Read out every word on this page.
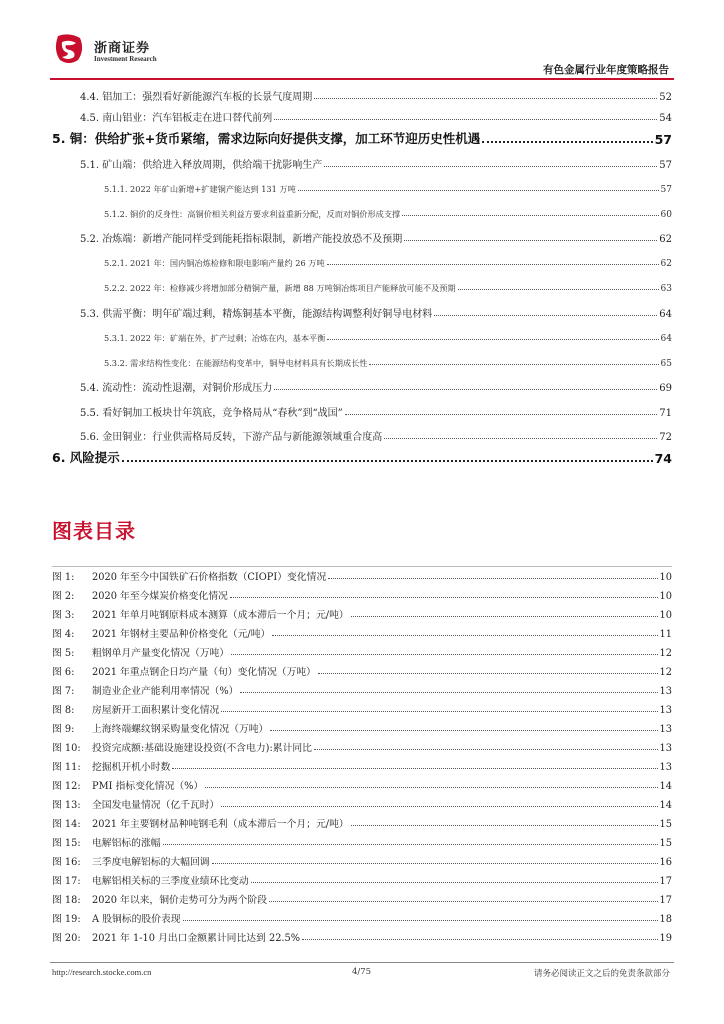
浙商证券
Investment Research
有色金属行业年度策略报告
4.4. 铝加工：强烈看好新能源汽车板的长景气度周期	52
4.5. 南山铝业：汽车铝板走在进口替代前列	54
5. 铜：供给扩张+货币紧缩，需求边际向好提供支撑，加工环节迎历史性机遇	57
5.1. 矿山端：供给进入释放周期，供给端干扰影响生产	57
5.1.1. 2022 年矿山新增+扩建铜产能达到 131 万吨	57
5.1.2. 铜价的反身性：高铜价相关利益方要求利益重新分配，反而对铜价形成支撑	60
5.2. 冶炼端：新增产能同样受到能耗指标限制，新增产能投放恐不及预期	62
5.2.1. 2021 年：国内铜冶炼检修和限电影响产量约 26 万吨	62
5.2.2. 2022 年：检修减少将增加部分精铜产量，新增 88 万吨铜冶炼项目产能释放可能不及预期	63
5.3. 供需平衡：明年矿端过剩，精炼铜基本平衡，能源结构调整利好铜导电材料	64
5.3.1. 2022 年：矿端在外，扩产过剩；冶炼在内，基本平衡	64
5.3.2. 需求结构性变化：在能源结构变革中，铜导电材料具有长期成长性	65
5.4. 流动性：流动性退潮，对铜价形成压力	69
5.5. 看好铜加工板块廿年筑底，竞争格局从“春秋”到“战国”	71
5.6. 金田铜业：行业供需格局反转，下游产品与新能源领域重合度高	72
6. 风险提示	74
图表目录
图 1:	2020 年至今中国铁矿石价格指数（CIOPI）变化情况	10
图 2:	2020 年至今煤炭价格变化情况	10
图 3:	2021 年单月吨钢原料成本测算（成本滞后一个月；元/吨）	10
图 4:	2021 年钢材主要品种价格变化（元/吨）	11
图 5:	粗钢单月产量变化情况（万吨）	12
图 6:	2021 年重点钢企日均产量（旬）变化情况（万吨）	12
图 7:	制造业企业产能利用率情况（%）	13
图 8:	房屋新开工面积累计变化情况	13
图 9:	上海终端螺纹钢采购量变化情况（万吨）	13
图 10:	投资完成额:基础设施建设投资(不含电力):累计同比	13
图 11:	挖掘机开机小时数	13
图 12:	PMI 指标变化情况（%）	14
图 13:	全国发电量情况（亿千瓦时）	14
图 14:	2021 年主要钢材品种吨钢毛利（成本滞后一个月；元/吨）	15
图 15:	电解铝标的涨幅	15
图 16:	三季度电解铝标的大幅回调	16
图 17:	电解铝相关标的三季度业绩环比变动	17
图 18:	2020 年以来，铜价走势可分为两个阶段	17
图 19:	A 股铜标的股价表现	18
图 20:	2021 年 1-10 月出口金额累计同比达到 22.5%	19
http://research.stocke.com.cn	4/75	请务必阅读正文之后的免责条款部分
